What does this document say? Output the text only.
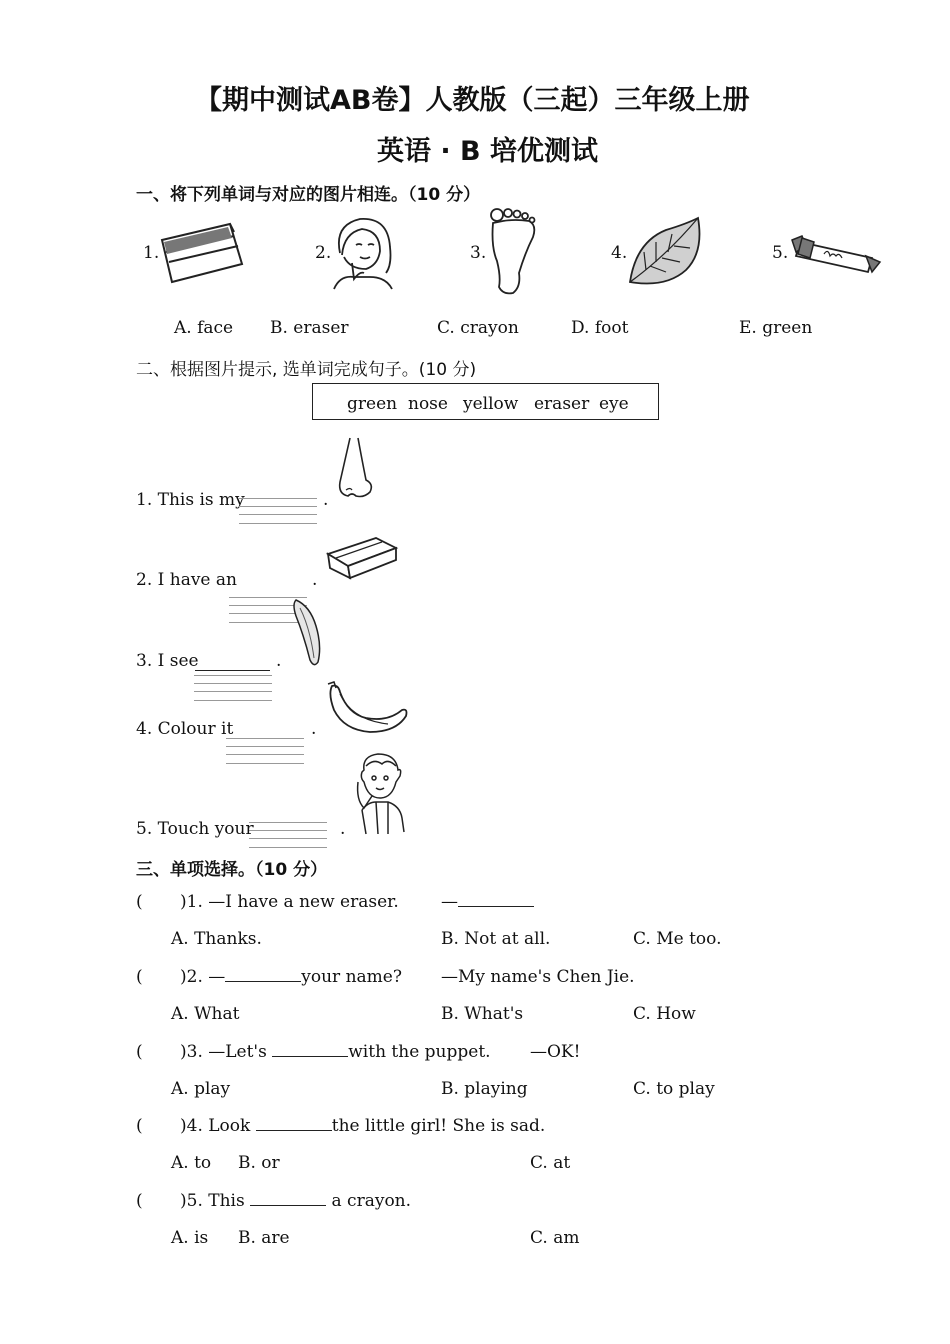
【期中测试AB卷】人教版（三起）三年级上册
英语 · B 培优测试
一、将下列单词与对应的图片相连。（10 分）
1.	2.	3.	4.	5.
A. face B. eraser	C. crayon	D. foot	E. green
二、根据图片提示, 选单词完成句子。(10 分)
green nose yellow eraser eye
1. This is my	.
2. I have an	.
3. I see	.
4. Colour it	.
5. Touch your	.
三、单项选择。（10 分）
( )1. —I have a new eraser. —
A. Thanks.	B. Not at all.	C. Me too.
( )2. —	your name? —My name's Chen Jie.
A. What	B. What's	C. How
( )3. —Let's	with the puppet. —OK!
A. play	B. playing	C. to play
( )4. Look	the little girl! She is sad.
A. to B. or	C. at
( )5. This	a crayon.
A. is B. are	C. am
